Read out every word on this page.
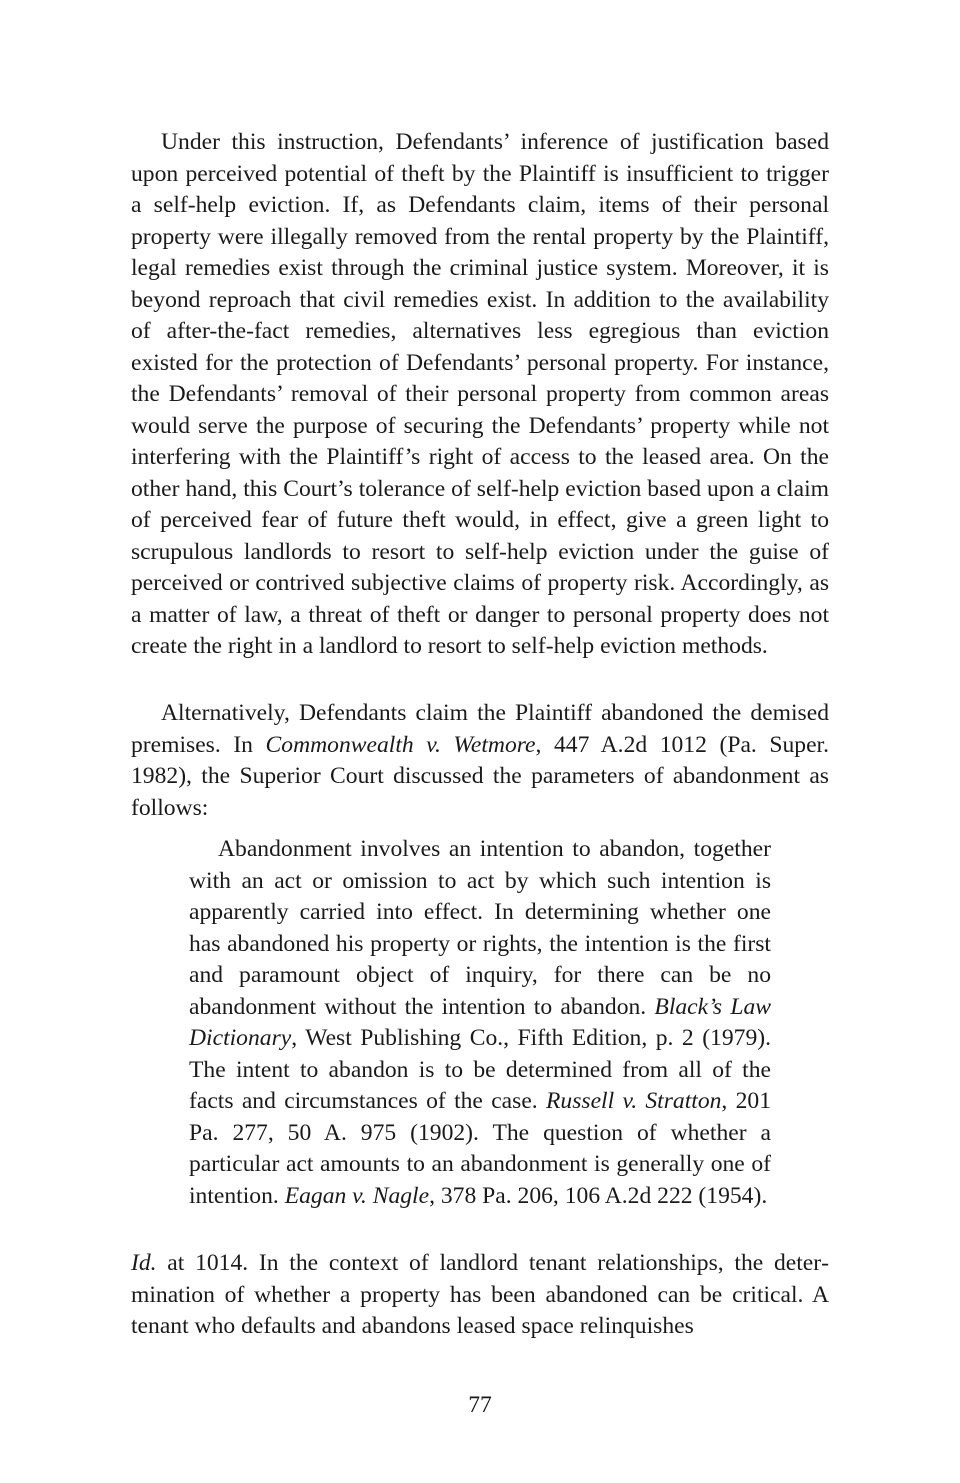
Under this instruction, Defendants’ inference of justification based upon perceived potential of theft by the Plaintiff is insufficient to trigger a self-help eviction. If, as Defendants claim, items of their personal property were illegally removed from the rental property by the Plaintiff, legal remedies exist through the criminal justice system. Moreover, it is beyond reproach that civil remedies exist. In addition to the availability of after-the-fact remedies, alternatives less egregious than eviction existed for the protection of Defendants’ personal property. For instance, the Defendants’ removal of their personal property from common areas would serve the purpose of securing the Defendants’ property while not interfering with the Plaintiff’s right of access to the leased area. On the other hand, this Court’s tolerance of self-help eviction based upon a claim of perceived fear of future theft would, in effect, give a green light to scrupulous landlords to resort to self-help eviction under the guise of perceived or contrived subjective claims of property risk. Accordingly, as a matter of law, a threat of theft or danger to personal property does not create the right in a landlord to resort to self-help eviction methods.

Alternatively, Defendants claim the Plaintiff abandoned the demised premises. In Commonwealth v. Wetmore, 447 A.2d 1012 (Pa. Super. 1982), the Superior Court discussed the parameters of abandonment as follows:

Abandonment involves an intention to abandon, together with an act or omission to act by which such intention is apparently carried into effect. In determining whether one has abandoned his property or rights, the intention is the first and paramount object of inquiry, for there can be no abandonment without the intention to abandon. Black’s Law Dictionary, West Publishing Co., Fifth Edition, p. 2 (1979). The intent to abandon is to be determined from all of the facts and circumstances of the case. Russell v. Stratton, 201 Pa. 277, 50 A. 975 (1902). The question of whether a particular act amounts to an abandonment is generally one of intention. Eagan v. Nagle, 378 Pa. 206, 106 A.2d 222 (1954).

Id. at 1014. In the context of landlord tenant relationships, the determination of whether a property has been abandoned can be critical. A tenant who defaults and abandons leased space relinquishes

77
